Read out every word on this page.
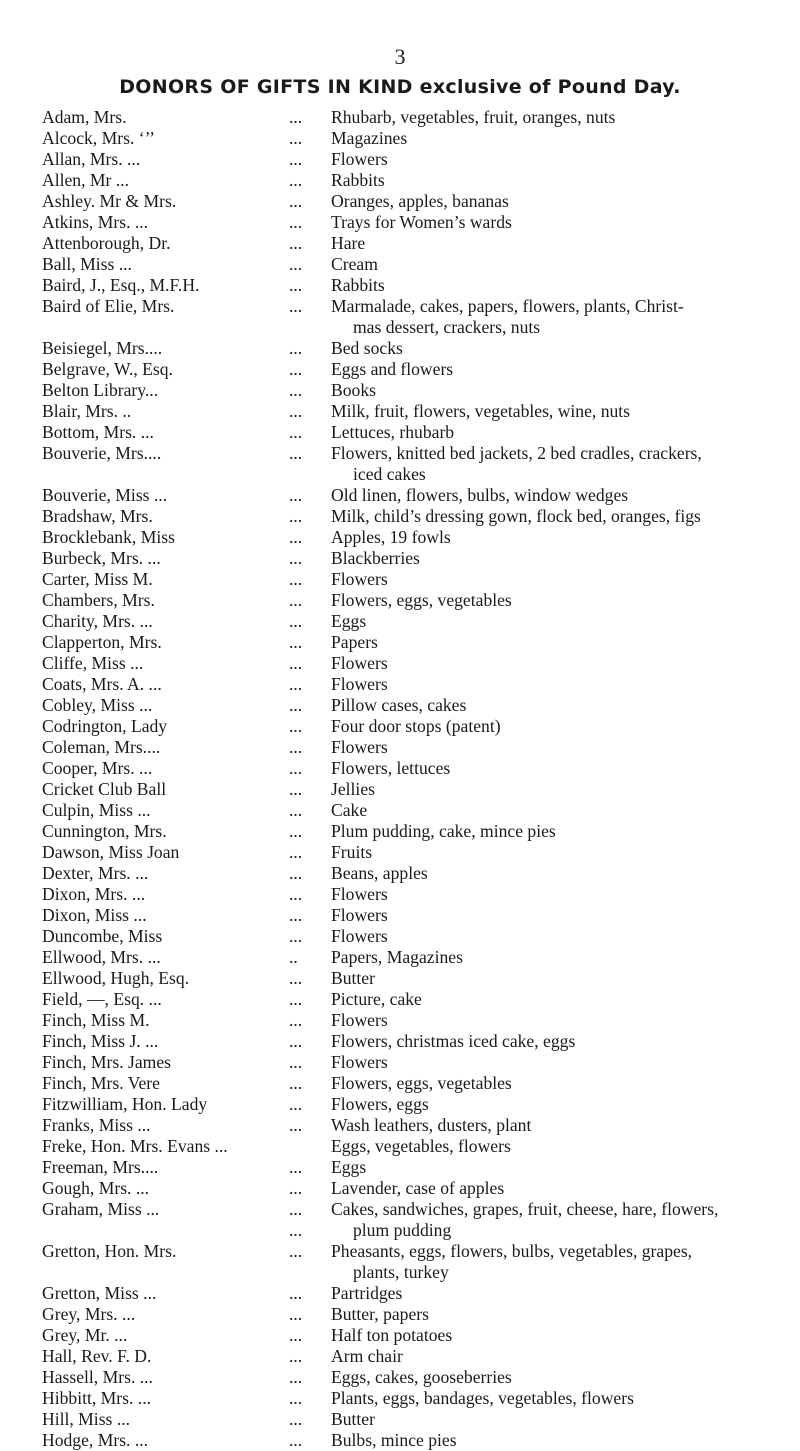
3
DONORS OF GIFTS IN KIND exclusive of Pound Day.
Adam, Mrs.	...	Rhubarb, vegetables, fruit, oranges, nuts
Alcock, Mrs. ‘’’	...	Magazines
Allan, Mrs. ...	...	Flowers
Allen, Mr ...	...	Rabbits
Ashley. Mr & Mrs.	...	Oranges, apples, bananas
Atkins, Mrs. ...	...	Trays for Women’s wards
Attenborough, Dr.	...	Hare
Ball, Miss ...	...	Cream
Baird, J., Esq., M.F.H.	...	Rabbits
Baird of Elie, Mrs.	...	Marmalade, cakes, papers, flowers, plants, Christ-
mas dessert, crackers, nuts
Beisiegel, Mrs....	...	Bed socks
Belgrave, W., Esq.	...	Eggs and flowers
Belton Library...	...	Books
Blair, Mrs. ..	...	Milk, fruit, flowers, vegetables, wine, nuts
Bottom, Mrs. ...	...	Lettuces, rhubarb
Bouverie, Mrs....	...	Flowers, knitted bed jackets, 2 bed cradles, crackers,
iced cakes
Bouverie, Miss ...	...	Old linen, flowers, bulbs, window wedges
Bradshaw, Mrs.	...	Milk, child’s dressing gown, flock bed, oranges, figs
Brocklebank, Miss	...	Apples, 19 fowls
Burbeck, Mrs. ...	...	Blackberries
Carter, Miss M.	...	Flowers
Chambers, Mrs.	...	Flowers, eggs, vegetables
Charity, Mrs. ...	...	Eggs
Clapperton, Mrs.	...	Papers
Cliffe, Miss ...	...	Flowers
Coats, Mrs. A. ...	...	Flowers
Cobley, Miss ...	...	Pillow cases, cakes
Codrington, Lady	...	Four door stops (patent)
Coleman, Mrs....	...	Flowers
Cooper, Mrs. ...	...	Flowers, lettuces
Cricket Club Ball	...	Jellies
Culpin, Miss ...	...	Cake
Cunnington, Mrs.	...	Plum pudding, cake, mince pies
Dawson, Miss Joan	...	Fruits
Dexter, Mrs. ...	...	Beans, apples
Dixon, Mrs. ...	...	Flowers
Dixon, Miss ...	...	Flowers
Duncombe, Miss	...	Flowers
Ellwood, Mrs. ...	..	Papers, Magazines
Ellwood, Hugh, Esq.	...	Butter
Field, —, Esq. ...	...	Picture, cake
Finch, Miss M.	...	Flowers
Finch, Miss J. ...	...	Flowers, christmas iced cake, eggs
Finch, Mrs. James	...	Flowers
Finch, Mrs. Vere	...	Flowers, eggs, vegetables
Fitzwilliam, Hon. Lady	...	Flowers, eggs
Franks, Miss ...	...	Wash leathers, dusters, plant
Freke, Hon. Mrs. Evans ...	Eggs, vegetables, flowers
Freeman, Mrs....	...	Eggs
Gough, Mrs. ...	...	Lavender, case of apples
Graham, Miss ...	...	Cakes, sandwiches, grapes, fruit, cheese, hare, flowers,
...	plum pudding
Gretton, Hon. Mrs.	...	Pheasants, eggs, flowers, bulbs, vegetables, grapes,
plants, turkey
Gretton, Miss ...	...	Partridges
Grey, Mrs. ...	...	Butter, papers
Grey, Mr. ...	...	Half ton potatoes
Hall, Rev. F. D.	...	Arm chair
Hassell, Mrs. ...	...	Eggs, cakes, gooseberries
Hibbitt, Mrs. ...	...	Plants, eggs, bandages, vegetables, flowers
Hill, Miss ...	...	Butter
Hodge, Mrs. ...	...	Bulbs, mince pies
